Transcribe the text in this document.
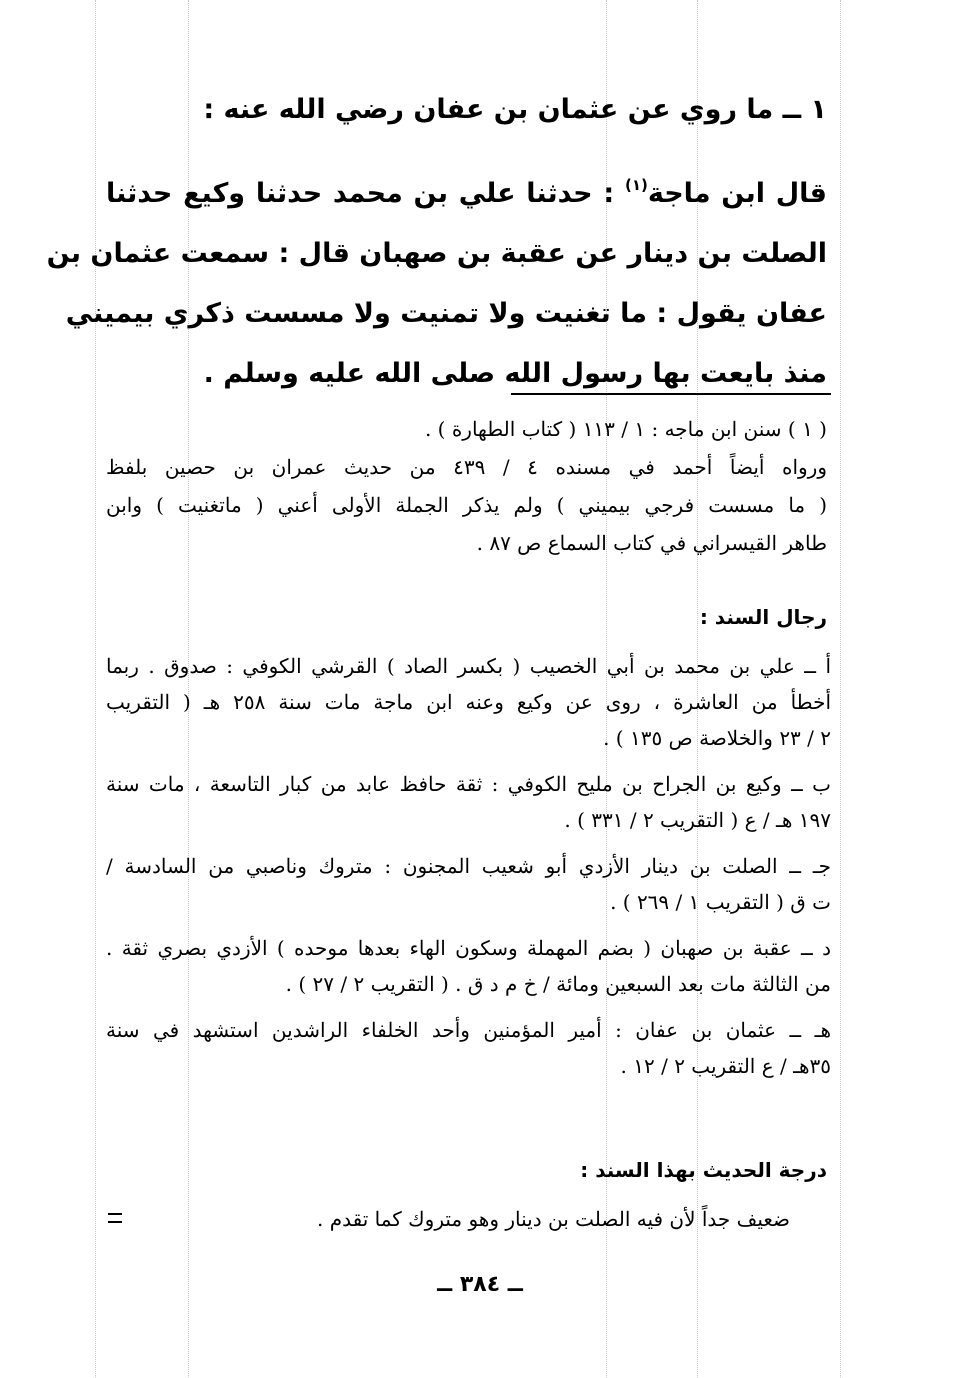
١ ــ ما روي عن عثمان بن عفان رضي الله عنه :
قال ابن ماجة$^{(١)}$ : حدثنا علي بن محمد حدثنا وكيع حدثنا
الصلت بن دينار عن عقبة بن صهبان قال : سمعت عثمان بن
عفان يقول : ما تغنيت ولا تمنيت ولا مسست ذكري بيميني
منذ بايعت بها رسول الله صلى الله عليه وسلم .
( ١ ) سنن ابن ماجه : ١ / ١١٣ ( كتاب الطهارة ) .
ورواه أيضاً أحمد في مسنده ٤ / ٤٣٩ من حديث عمران بن حصين بلفظ
( ما مسست فرجي بيميني ) ولم يذكر الجملة الأولى أعني ( ماتغنيت ) وابن
طاهر القيسراني في كتاب السماع ص ٨٧ .
رجال السند :
أ ــ علي بن محمد بن أبي الخصيب ( بكسر الصاد ) القرشي الكوفي : صدوق . ربما
أخطأ من العاشرة ، روى عن وكيع وعنه ابن ماجة مات سنة ٢٥٨ هـ ( التقريب
٢ / ٢٣ والخلاصة ص ١٣٥ ) .
ب ــ وكيع بن الجراح بن مليح الكوفي : ثقة حافظ عابد من كبار التاسعة ، مات سنة
١٩٧ هـ / ع ( التقريب ٢ / ٣٣١ ) .
جـ ــ الصلت بن دينار الأزدي أبو شعيب المجنون : متروك وناصبي من السادسة /
ت ق ( التقريب ١ / ٢٦٩ ) .
د ــ عقبة بن صهبان ( بضم المهملة وسكون الهاء بعدها موحده ) الأزدي بصري ثقة .
من الثالثة مات بعد السبعين ومائة / خ م د ق . ( التقريب ٢ / ٢٧ ) .
هـ ــ عثمان بن عفان : أمير المؤمنين وأحد الخلفاء الراشدين استشهد في سنة
٣٥هـ / ع التقريب ٢ / ١٢ .
درجة الحديث بهذا السند :
ضعيف جداً لأن فيه الصلت بن دينار وهو متروك كما تقدم .
ــ ٣٨٤ ــ
